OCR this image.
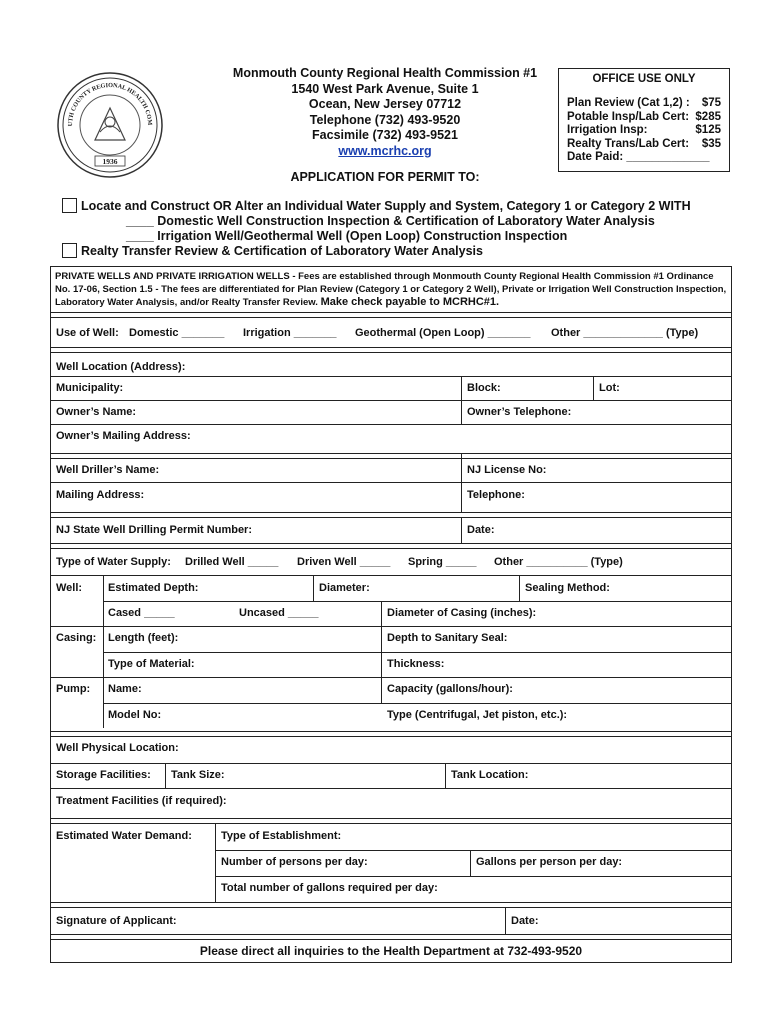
UTH COUNTY REGIONAL HEALTH COM
1936
Monmouth County Regional Health Commission #1
1540 West Park Avenue, Suite 1
Ocean, New Jersey 07712
Telephone (732) 493-9520
Facsimile (732) 493-9521
www.mcrhc.org
OFFICE USE ONLY
Plan Review (Cat 1,2) : $75
Potable Insp/Lab Cert: $285
Irrigation Insp:	$125
Realty Trans/Lab Cert: $35
Date Paid: _____________
APPLICATION FOR PERMIT TO:
Locate and Construct OR Alter an Individual Water Supply and System, Category 1 or Category 2 WITH
____ Domestic Well Construction Inspection & Certification of Laboratory Water Analysis
____ Irrigation Well/Geothermal Well (Open Loop) Construction Inspection
Realty Transfer Review & Certification of Laboratory Water Analysis
PRIVATE WELLS AND PRIVATE IRRIGATION WELLS - Fees are established through Monmouth County Regional Health Commission #1 Ordinance No. 17-06, Section 1.5 - The fees are differentiated for Plan Review (Category 1 or Category 2 Well), Private or Irrigation Well Construction Inspection, Laboratory Water Analysis, and/or Realty Transfer Review. Make check payable to MCRHC#1.
Use of Well: Domestic _______ Irrigation _______ Geothermal (Open Loop) _______ Other _____________ (Type)
Well Location (Address):
Municipality:	Block:	Lot:
Owner’s Name:	Owner’s Telephone:
Owner’s Mailing Address:
Well Driller’s Name:	NJ License No:
Mailing Address:	Telephone:
NJ State Well Drilling Permit Number:	Date:
Type of Water Supply: Drilled Well _____ Driven Well _____ Spring _____ Other __________ (Type)
Well: Estimated Depth:	Diameter:	Sealing Method:
Cased _____	Uncased _____	Diameter of Casing (inches):
Casing: Length (feet):	Depth to Sanitary Seal:
Type of Material:	Thickness:
Pump: Name:	Capacity (gallons/hour):
Model No:	Type (Centrifugal, Jet piston, etc.):
Well Physical Location:
Storage Facilities: Tank Size:	Tank Location:
Treatment Facilities (if required):
Estimated Water Demand:	Type of Establishment:
Number of persons per day:	Gallons per person per day:
Total number of gallons required per day:
Signature of Applicant:	Date:
Please direct all inquiries to the Health Department at 732-493-9520
